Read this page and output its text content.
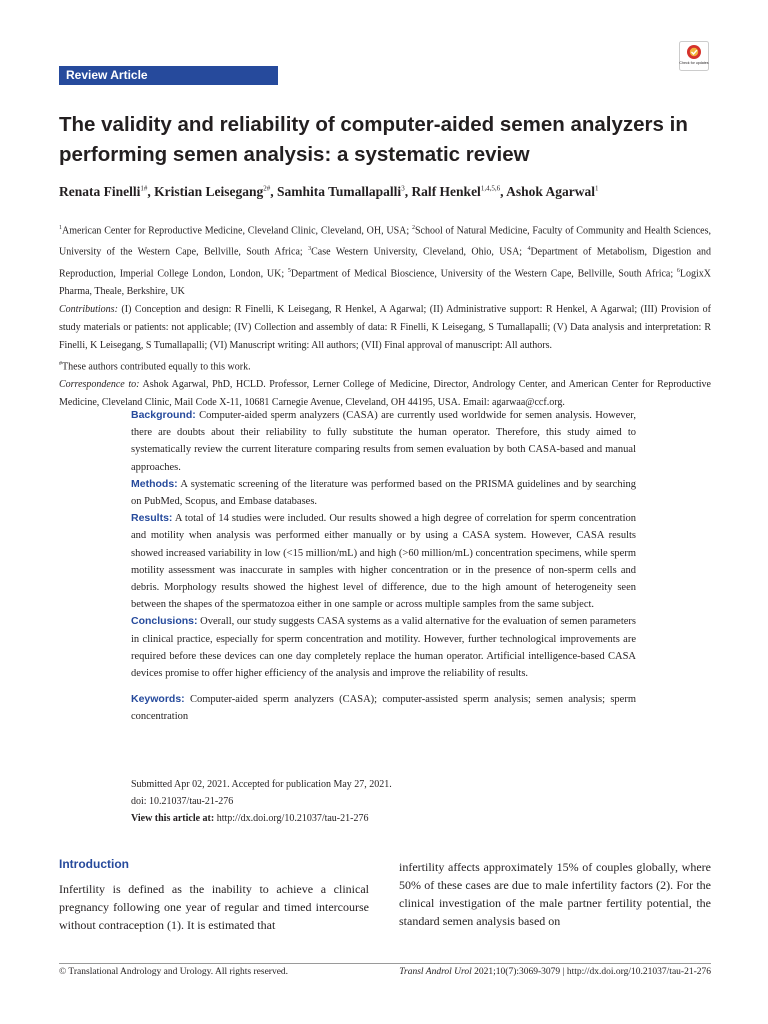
Review Article
Check for updates
The validity and reliability of computer-aided semen analyzers in performing semen analysis: a systematic review
Renata Finelli$^{1\#}$, Kristian Leisegang$^{2\#}$, Samhita Tumallapalli$^3$, Ralf Henkel$^{1,4,5,6}$, Ashok Agarwal$^1$

$^1$American Center for Reproductive Medicine, Cleveland Clinic, Cleveland, OH, USA; $^2$School of Natural Medicine, Faculty of Community and Health Sciences, University of the Western Cape, Bellville, South Africa; $^3$Case Western University, Cleveland, Ohio, USA; $^4$Department of Metabolism, Digestion and Reproduction, Imperial College London, London, UK; $^5$Department of Medical Bioscience, University of the Western Cape, Bellville, South Africa; $^6$LogixX Pharma, Theale, Berkshire, UK

Contributions: (I) Conception and design: R Finelli, K Leisegang, R Henkel, A Agarwal; (II) Administrative support: R Henkel, A Agarwal; (III) Provision of study materials or patients: not applicable; (IV) Collection and assembly of data: R Finelli, K Leisegang, S Tumallapalli; (V) Data analysis and interpretation: R Finelli, K Leisegang, S Tumallapalli; (VI) Manuscript writing: All authors; (VII) Final approval of manuscript: All authors.

#These authors contributed equally to this work.

Correspondence to: Ashok Agarwal, PhD, HCLD. Professor, Lerner College of Medicine, Director, Andrology Center, and American Center for Reproductive Medicine, Cleveland Clinic, Mail Code X-11, 10681 Carnegie Avenue, Cleveland, OH 44195, USA. Email: agarwaa@ccf.org.

Background: Computer-aided sperm analyzers (CASA) are currently used worldwide for semen analysis. However, there are doubts about their reliability to fully substitute the human operator. Therefore, this study aimed to systematically review the current literature comparing results from semen evaluation by both CASA-based and manual approaches.

Methods: A systematic screening of the literature was performed based on the PRISMA guidelines and by searching on PubMed, Scopus, and Embase databases.

Results: A total of 14 studies were included. Our results showed a high degree of correlation for sperm concentration and motility when analysis was performed either manually or by using a CASA system. However, CASA results showed increased variability in low (<15 million/mL) and high (>60 million/mL) concentration specimens, while sperm motility assessment was inaccurate in samples with higher concentration or in the presence of non-sperm cells and debris. Morphology results showed the highest level of difference, due to the high amount of heterogeneity seen between the shapes of the spermatozoa either in one sample or across multiple samples from the same subject.

Conclusions: Overall, our study suggests CASA systems as a valid alternative for the evaluation of semen parameters in clinical practice, especially for sperm concentration and motility. However, further technological improvements are required before these devices can one day completely replace the human operator. Artificial intelligence-based CASA devices promise to offer higher efficiency of the analysis and improve the reliability of results.

Keywords: Computer-aided sperm analyzers (CASA); computer-assisted sperm analysis; semen analysis; sperm concentration

Submitted Apr 02, 2021. Accepted for publication May 27, 2021.
doi: 10.21037/tau-21-276
View this article at: http://dx.doi.org/10.21037/tau-21-276
Introduction
Infertility is defined as the inability to achieve a clinical pregnancy following one year of regular and timed intercourse without contraception (1). It is estimated that
infertility affects approximately 15% of couples globally, where 50% of these cases are due to male infertility factors (2). For the clinical investigation of the male partner fertility potential, the standard semen analysis based on
© Translational Andrology and Urology. All rights reserved.	Transl Androl Urol 2021;10(7):3069-3079 | http://dx.doi.org/10.21037/tau-21-276
